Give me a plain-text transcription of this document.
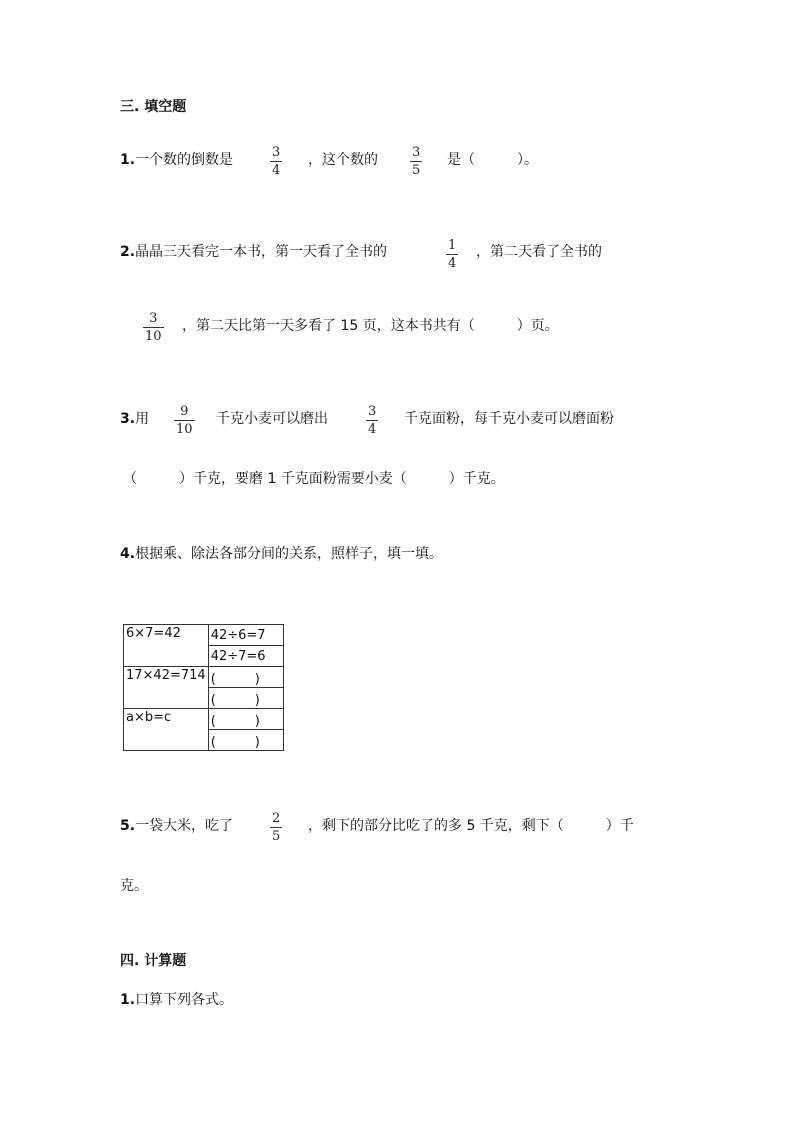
三. 填空题
1.一个数的倒数是	3
4
，这个数的	3
5
是（　　　）。
2.晶晶三天看完一本书，第一天看了全书的	1
4
，第二天看了全书的
3
10
，第二天比第一天多看了 15 页，这本书共有（　　　）页。
3.用 9
10
千克小麦可以磨出	3
4
千克面粉，每千克小麦可以磨面粉
（　　　）千克，要磨 1 千克面粉需要小麦（　　　）千克。
4.根据乘、除法各部分间的关系，照样子，填一填。
6×7=42	42÷6=7
	42÷7=6
17×42=714	(　　　)
	(　　　)
a×b=c	(　　　)
	(　　　)
5.一袋大米，吃了	2
5
，剩下的部分比吃了的多 5 千克，剩下（　　　）千
克。
四. 计算题
1.口算下列各式。
